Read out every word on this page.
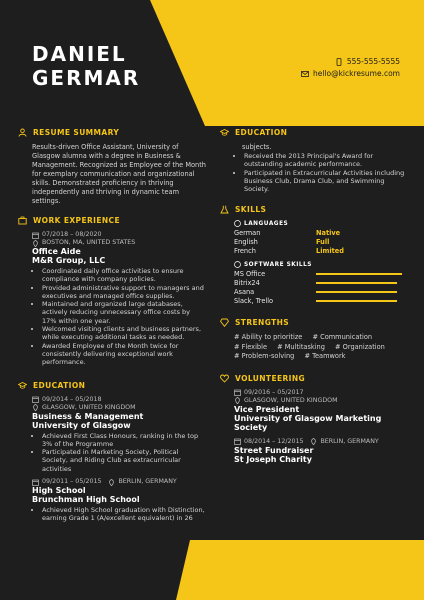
DANIEL
GERMAR
555-555-5555
hello@kickresume.com
RESUME SUMMARY
Results-driven Office Assistant, University of Glasgow alumna with a degree in Business & Management. Recognized as Employee of the Month for exemplary communication and organizational skills. Demonstrated proficiency in thriving independently and thriving in dynamic team settings.
WORK EXPERIENCE
07/2018 – 08/2020
BOSTON, MA, UNITED STATES
Office Aide
M&R Group, LLC
• Coordinated daily office activities to ensure compliance with company policies.
• Provided administrative support to managers and executives and managed office supplies.
• Maintained and organized large databases, actively reducing unnecessary office costs by 17% within one year.
• Welcomed visiting clients and business partners, while executing additional tasks as needed.
• Awarded Employee of the Month twice for consistently delivering exceptional work performance.
EDUCATION
09/2014 – 05/2018
GLASGOW, UNITED KINGDOM
Business & Management
University of Glasgow
• Achieved First Class Honours, ranking in the top 3% of the Programme
• Participated in Marketing Society, Political Society, and Riding Club as extracurricular activities
09/2011 – 05/2015	BERLIN, GERMANY
High School
Brunchman High School
• Achieved High School graduation with Distinction, earning Grade 1 (A/excellent equivalent) in 26
EDUCATION
subjects.
• Received the 2013 Principal's Award for outstanding academic performance.
• Participated in Extracurricular Activities including Business Club, Drama Club, and Swimming Society.
SKILLS
LANGUAGES
German	Native
English	Full
French	Limited
SOFTWARE SKILLS
MS Office
Bitrix24
Asana
Slack, Trello
STRENGTHS
# Ability to prioritize # Communication
# Flexible # Multitasking # Organization
# Problem-solving # Teamwork
VOLUNTEERING
09/2016 – 05/2017
GLASGOW, UNITED KINGDOM
Vice President
University of Glasgow Marketing Society
08/2014 – 12/2015	BERLIN, GERMANY
Street Fundraiser
St Joseph Charity
